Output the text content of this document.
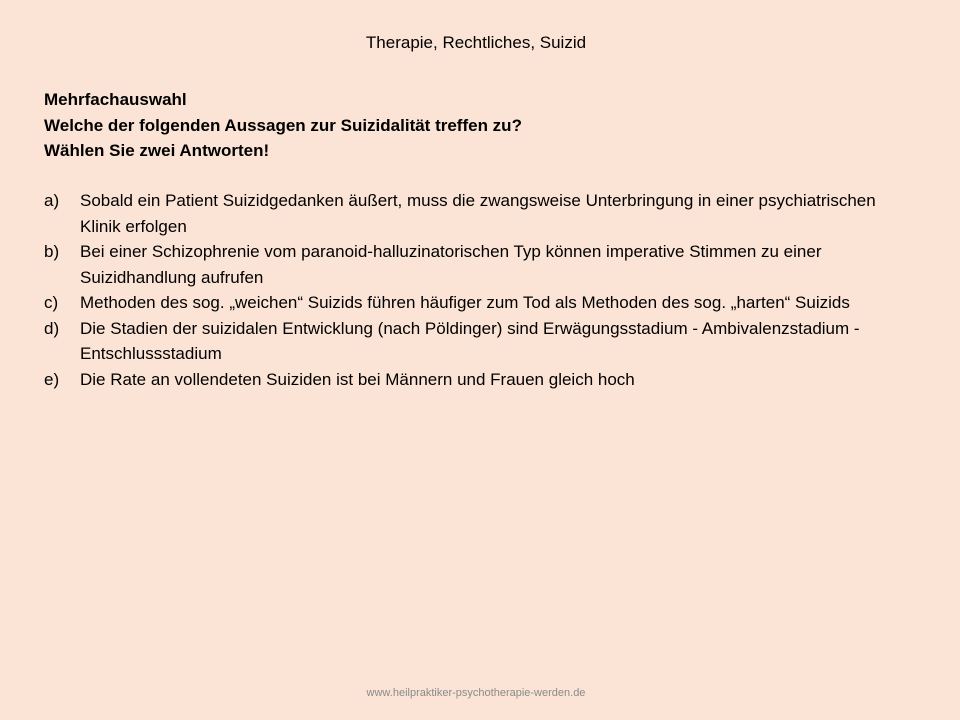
Therapie, Rechtliches, Suizid
Mehrfachauswahl
Welche der folgenden Aussagen zur Suizidalität treffen zu?
Wählen Sie zwei Antworten!
a)	Sobald ein Patient Suizidgedanken äußert, muss die zwangsweise Unterbringung in einer psychiatrischen Klinik erfolgen
b)	Bei einer Schizophrenie vom paranoid-halluzinatorischen Typ können imperative Stimmen zu einer Suizidhandlung aufrufen
c)	Methoden des sog. „weichen“ Suizids führen häufiger zum Tod als Methoden des sog. „harten“ Suizids
d)	Die Stadien der suizidalen Entwicklung (nach Pöldinger) sind Erwägungsstadium - Ambivalenzstadium - Entschlussstadium
e)	Die Rate an vollendeten Suiziden ist bei Männern und Frauen gleich hoch
www.heilpraktiker-psychotherapie-werden.de
